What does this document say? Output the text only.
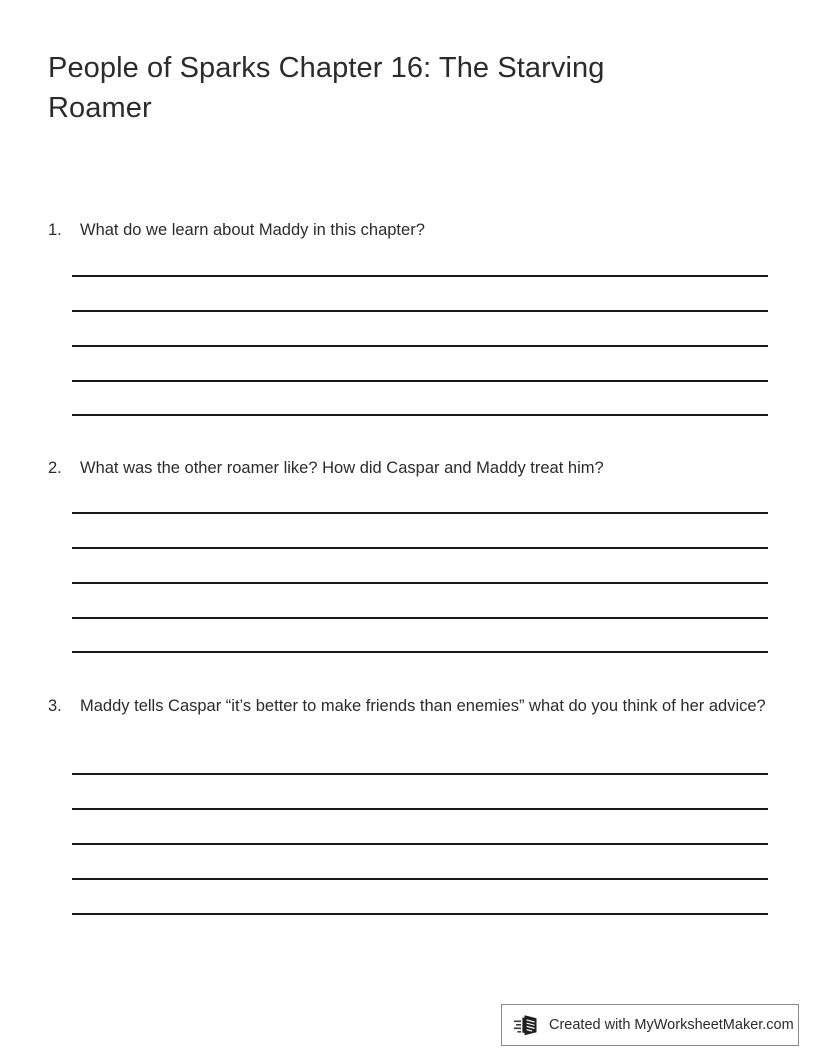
People of Sparks Chapter 16: The Starving Roamer
1.	What do we learn about Maddy in this chapter?
2.	What was the other roamer like? How did Caspar and Maddy treat him?
3.	Maddy tells Caspar “it’s better to make friends than enemies” what do you think of her advice?
Created with MyWorksheetMaker.com
